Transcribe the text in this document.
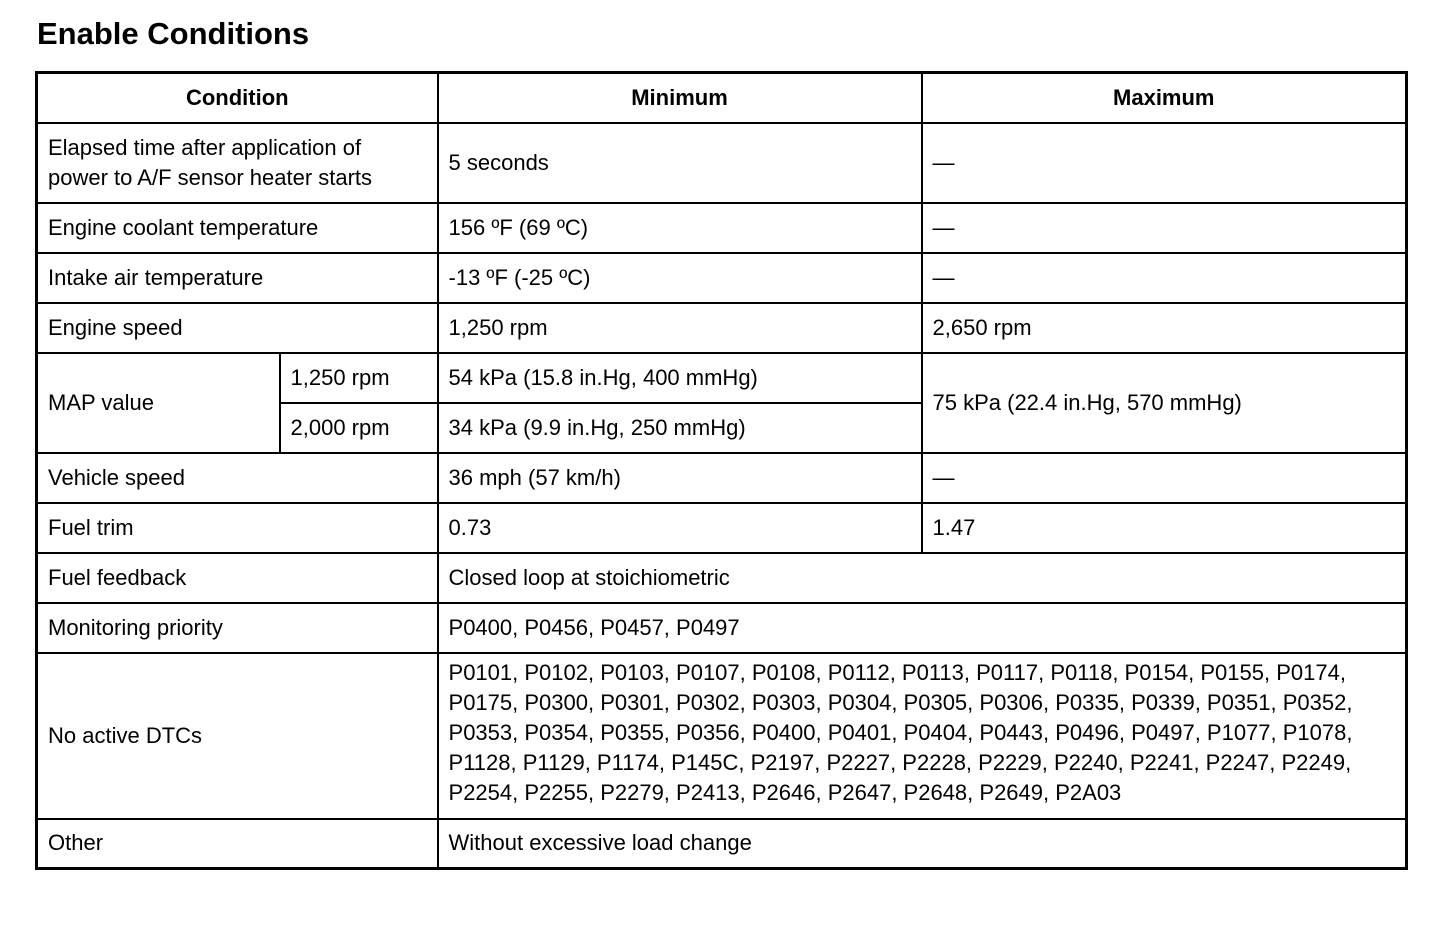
Enable Conditions
Condition		Minimum	Maximum
Elapsed time after application of power to A/F sensor heater starts		5 seconds	—
Engine coolant temperature		156 ºF (69 ºC)	—
Intake air temperature		-13 ºF (-25 ºC)	—
Engine speed		1,250 rpm	2,650 rpm
MAP value	1,250 rpm	54 kPa (15.8 in.Hg, 400 mmHg)	75 kPa (22.4 in.Hg, 570 mmHg)
	2,000 rpm	34 kPa (9.9 in.Hg, 250 mmHg)	
Vehicle speed		36 mph (57 km/h)	—
Fuel trim		0.73	1.47
Fuel feedback		Closed loop at stoichiometric	
Monitoring priority		P0400, P0456, P0457, P0497	
No active DTCs		P0101, P0102, P0103, P0107, P0108, P0112, P0113, P0117, P0118, P0154, P0155, P0174, P0175, P0300, P0301, P0302, P0303, P0304, P0305, P0306, P0335, P0339, P0351, P0352, P0353, P0354, P0355, P0356, P0400, P0401, P0404, P0443, P0496, P0497, P1077, P1078, P1128, P1129, P1174, P145C, P2197, P2227, P2228, P2229, P2240, P2241, P2247, P2249, P2254, P2255, P2279, P2413, P2646, P2647, P2648, P2649, P2A03	
Other		Without excessive load change	
